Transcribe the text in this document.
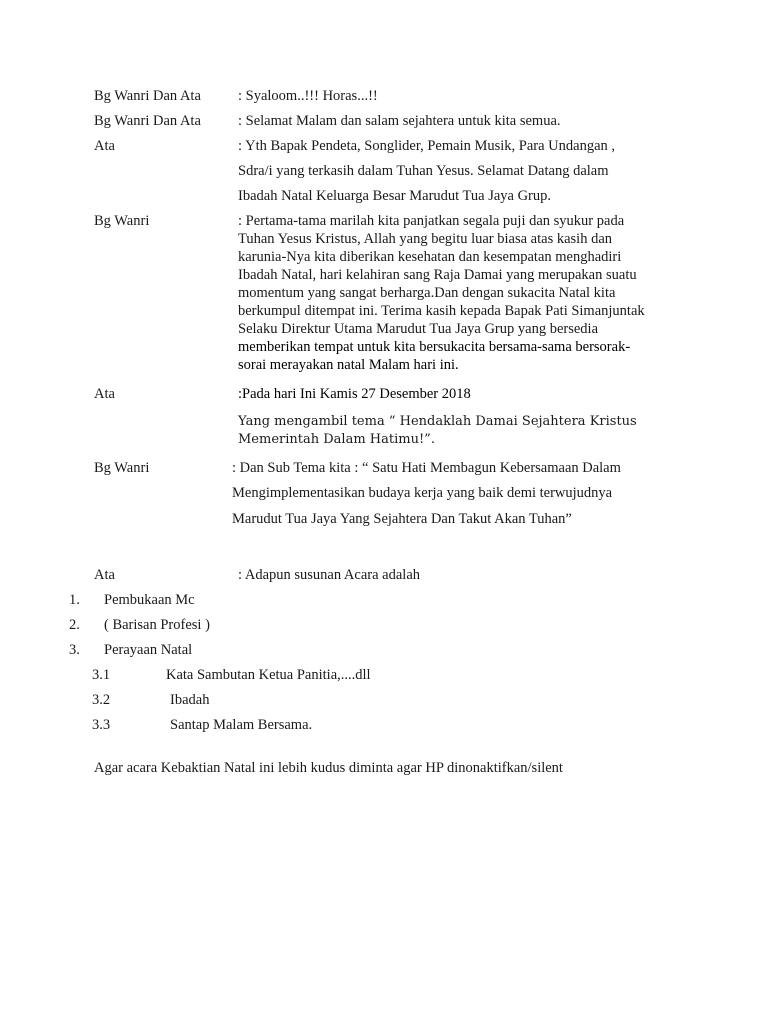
Bg Wanri Dan Ata	: Syaloom..!!! Horas...!!
Bg Wanri Dan Ata	: Selamat Malam dan salam sejahtera untuk kita semua.
Ata	: Yth Bapak Pendeta, Songlider, Pemain Musik, Para Undangan ,
Sdra/i yang terkasih dalam Tuhan Yesus. Selamat Datang dalam
Ibadah Natal Keluarga Besar Marudut Tua Jaya Grup.
Bg Wanri	: Pertama-tama marilah kita panjatkan segala puji dan syukur pada
Tuhan Yesus Kristus, Allah yang begitu luar biasa atas kasih dan
karunia-Nya kita diberikan kesehatan dan kesempatan menghadiri
Ibadah Natal, hari kelahiran sang Raja Damai yang merupakan suatu
momentum yang sangat berharga.Dan dengan sukacita Natal kita
berkumpul ditempat ini. Terima kasih kepada Bapak Pati Simanjuntak
Selaku Direktur Utama Marudut Tua Jaya Grup yang bersedia
memberikan tempat untuk kita bersukacita bersama-sama bersorak-
sorai merayakan natal Malam hari ini.
Ata	:Pada hari Ini Kamis 27 Desember 2018
Yang mengambil tema “ Hendaklah Damai Sejahtera Kristus
Memerintah Dalam Hatimu!”.
Bg Wanri	: Dan Sub Tema kita : “ Satu Hati Membagun Kebersamaan Dalam
Mengimplementasikan budaya kerja yang baik demi terwujudnya
Marudut Tua Jaya Yang Sejahtera Dan Takut Akan Tuhan”
Ata	: Adapun susunan Acara adalah
1. Pembukaan Mc
2. ( Barisan Profesi )
3. Perayaan Natal
3.1	Kata Sambutan Ketua Panitia,....dll
3.2	Ibadah
3.3	Santap Malam Bersama.
Agar acara Kebaktian Natal ini lebih kudus diminta agar HP dinonaktifkan/silent
